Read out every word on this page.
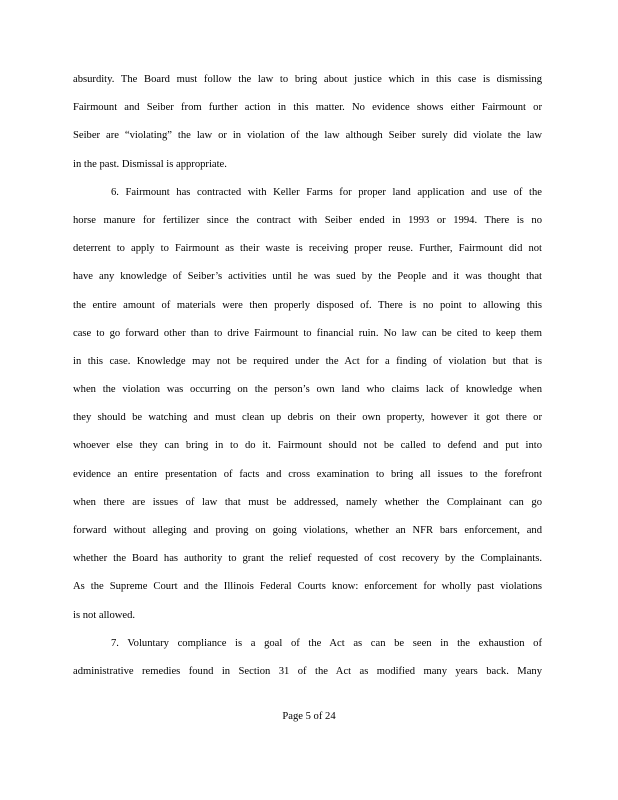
absurdity. The Board must follow the law to bring about justice which in this case is dismissing
Fairmount and Seiber from further action in this matter. No evidence shows either Fairmount or
Seiber are “violating” the law or in violation of the law although Seiber surely did violate the law
in the past. Dismissal is appropriate.
6. Fairmount has contracted with Keller Farms for proper land application and use of the
horse manure for fertilizer since the contract with Seiber ended in 1993 or 1994. There is no
deterrent to apply to Fairmount as their waste is receiving proper reuse. Further, Fairmount did not
have any knowledge of Seiber’s activities until he was sued by the People and it was thought that
the entire amount of materials were then properly disposed of. There is no point to allowing this
case to go forward other than to drive Fairmount to financial ruin. No law can be cited to keep them
in this case. Knowledge may not be required under the Act for a finding of violation but that is
when the violation was occurring on the person’s own land who claims lack of knowledge when
they should be watching and must clean up debris on their own property, however it got there or
whoever else they can bring in to do it. Fairmount should not be called to defend and put into
evidence an entire presentation of facts and cross examination to bring all issues to the forefront
when there are issues of law that must be addressed, namely whether the Complainant can go
forward without alleging and proving on going violations, whether an NFR bars enforcement, and
whether the Board has authority to grant the relief requested of cost recovery by the Complainants.
As the Supreme Court and the Illinois Federal Courts know: enforcement for wholly past violations
is not allowed.
7. Voluntary compliance is a goal of the Act as can be seen in the exhaustion of
administrative remedies found in Section 31 of the Act as modified many years back. Many
Page 5 of 24
